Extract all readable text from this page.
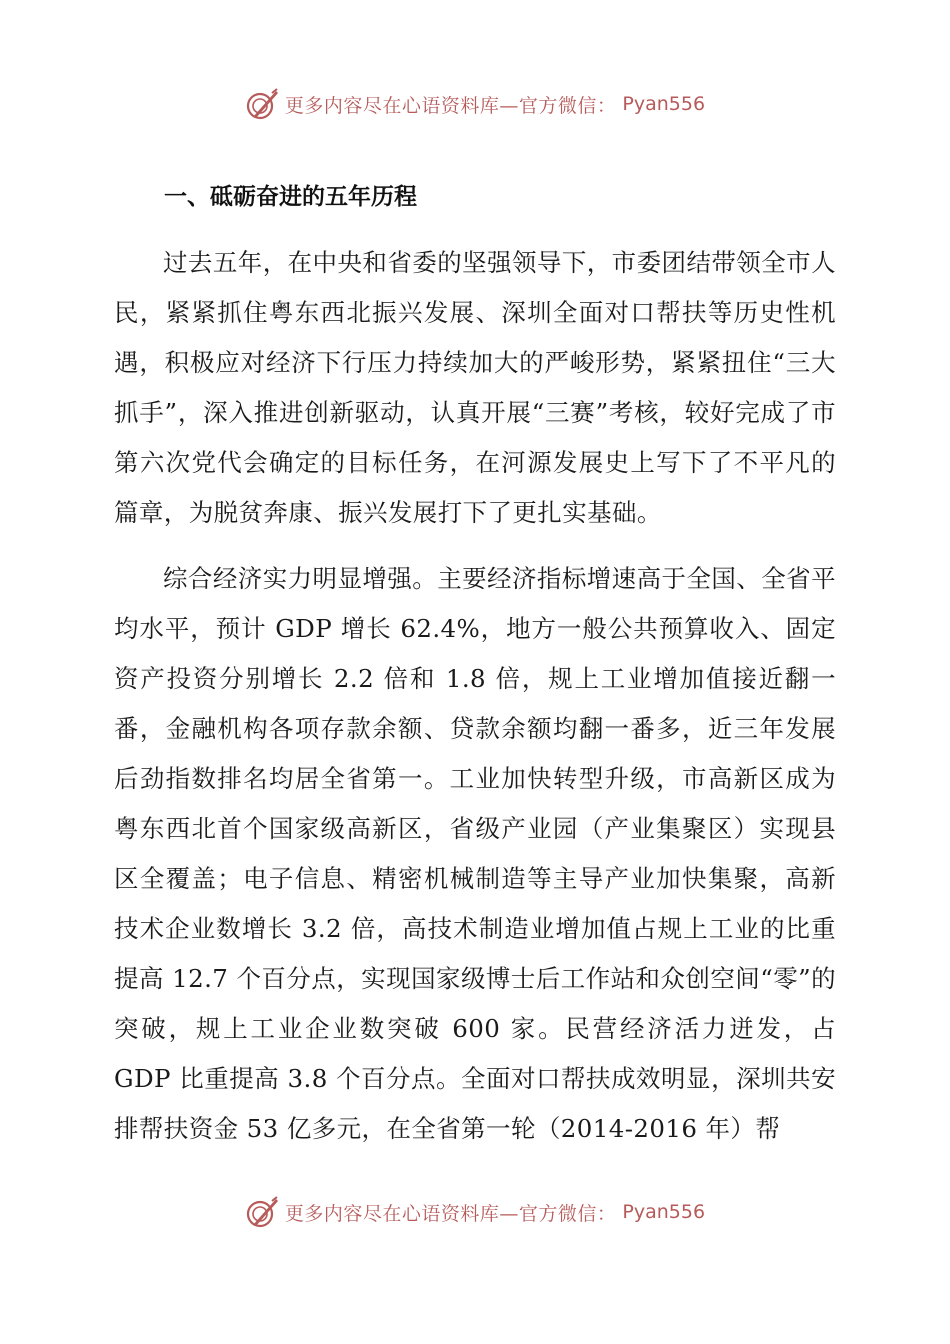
更多内容尽在心语资料库—官方微信： Pyan556
一、砥砺奋进的五年历程

过去五年，在中央和省委的坚强领导下，市委团结带领全市人民，紧紧抓住粤东西北振兴发展、深圳全面对口帮扶等历史性机遇，积极应对经济下行压力持续加大的严峻形势，紧紧扭住“三大抓手”，深入推进创新驱动，认真开展“三赛”考核，较好完成了市第六次党代会确定的目标任务，在河源发展史上写下了不平凡的篇章，为脱贫奔康、振兴发展打下了更扎实基础。

综合经济实力明显增强。主要经济指标增速高于全国、全省平均水平，预计 GDP 增长 62.4%，地方一般公共预算收入、固定资产投资分别增长 2.2 倍和 1.8 倍，规上工业增加值接近翻一番，金融机构各项存款余额、贷款余额均翻一番多，近三年发展后劲指数排名均居全省第一。工业加快转型升级，市高新区成为粤东西北首个国家级高新区，省级产业园（产业集聚区）实现县区全覆盖；电子信息、精密机械制造等主导产业加快集聚，高新技术企业数增长 3.2 倍，高技术制造业增加值占规上工业的比重提高 12.7 个百分点，实现国家级博士后工作站和众创空间“零”的突破，规上工业企业数突破 600 家。民营经济活力迸发，占 GDP 比重提高 3.8 个百分点。全面对口帮扶成效明显，深圳共安排帮扶资金 53 亿多元，在全省第一轮（2014-2016 年）帮

更多内容尽在心语资料库—官方微信： Pyan556
